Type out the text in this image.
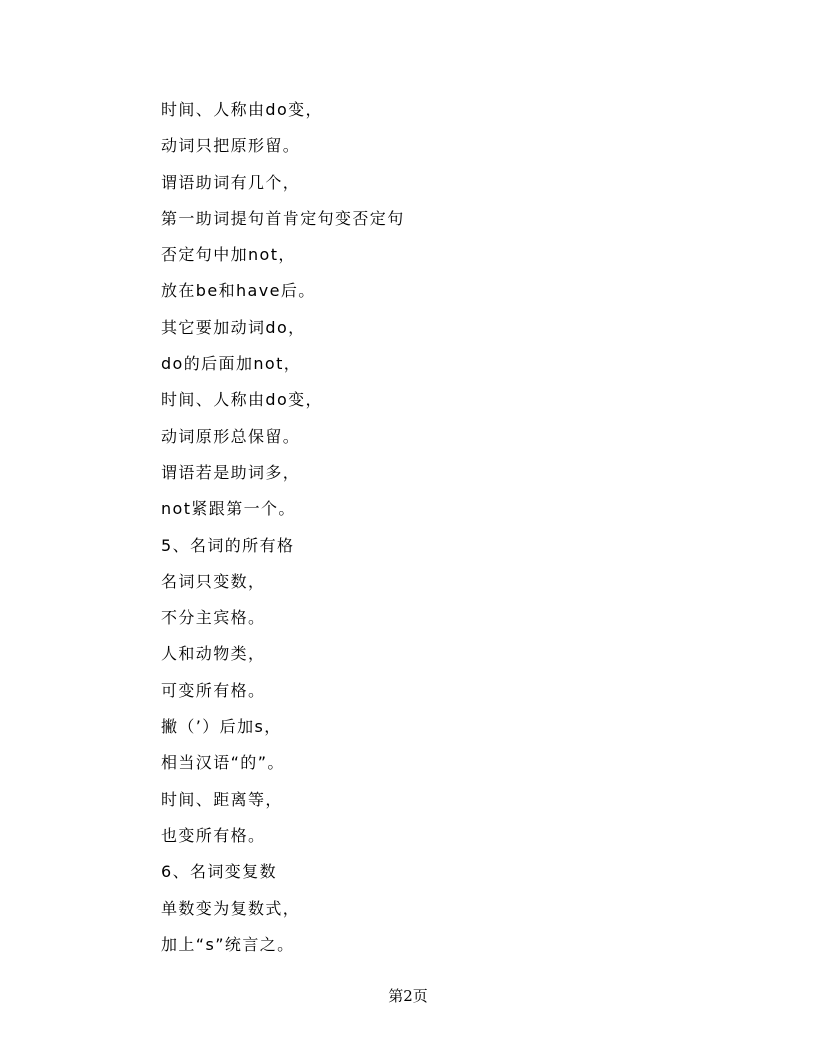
时间、人称由do变，
动词只把原形留。
谓语助词有几个，
第一助词提句首肯定句变否定句
否定句中加not，
放在be和have后。
其它要加动词do，
do的后面加not，
时间、人称由do变，
动词原形总保留。
谓语若是助词多，
not紧跟第一个。
5、名词的所有格
名词只变数，
不分主宾格。
人和动物类，
可变所有格。
撇（’）后加s，
相当汉语“的”。
时间、距离等，
也变所有格。
6、名词变复数
单数变为复数式，
加上“s”统言之。
第2页
